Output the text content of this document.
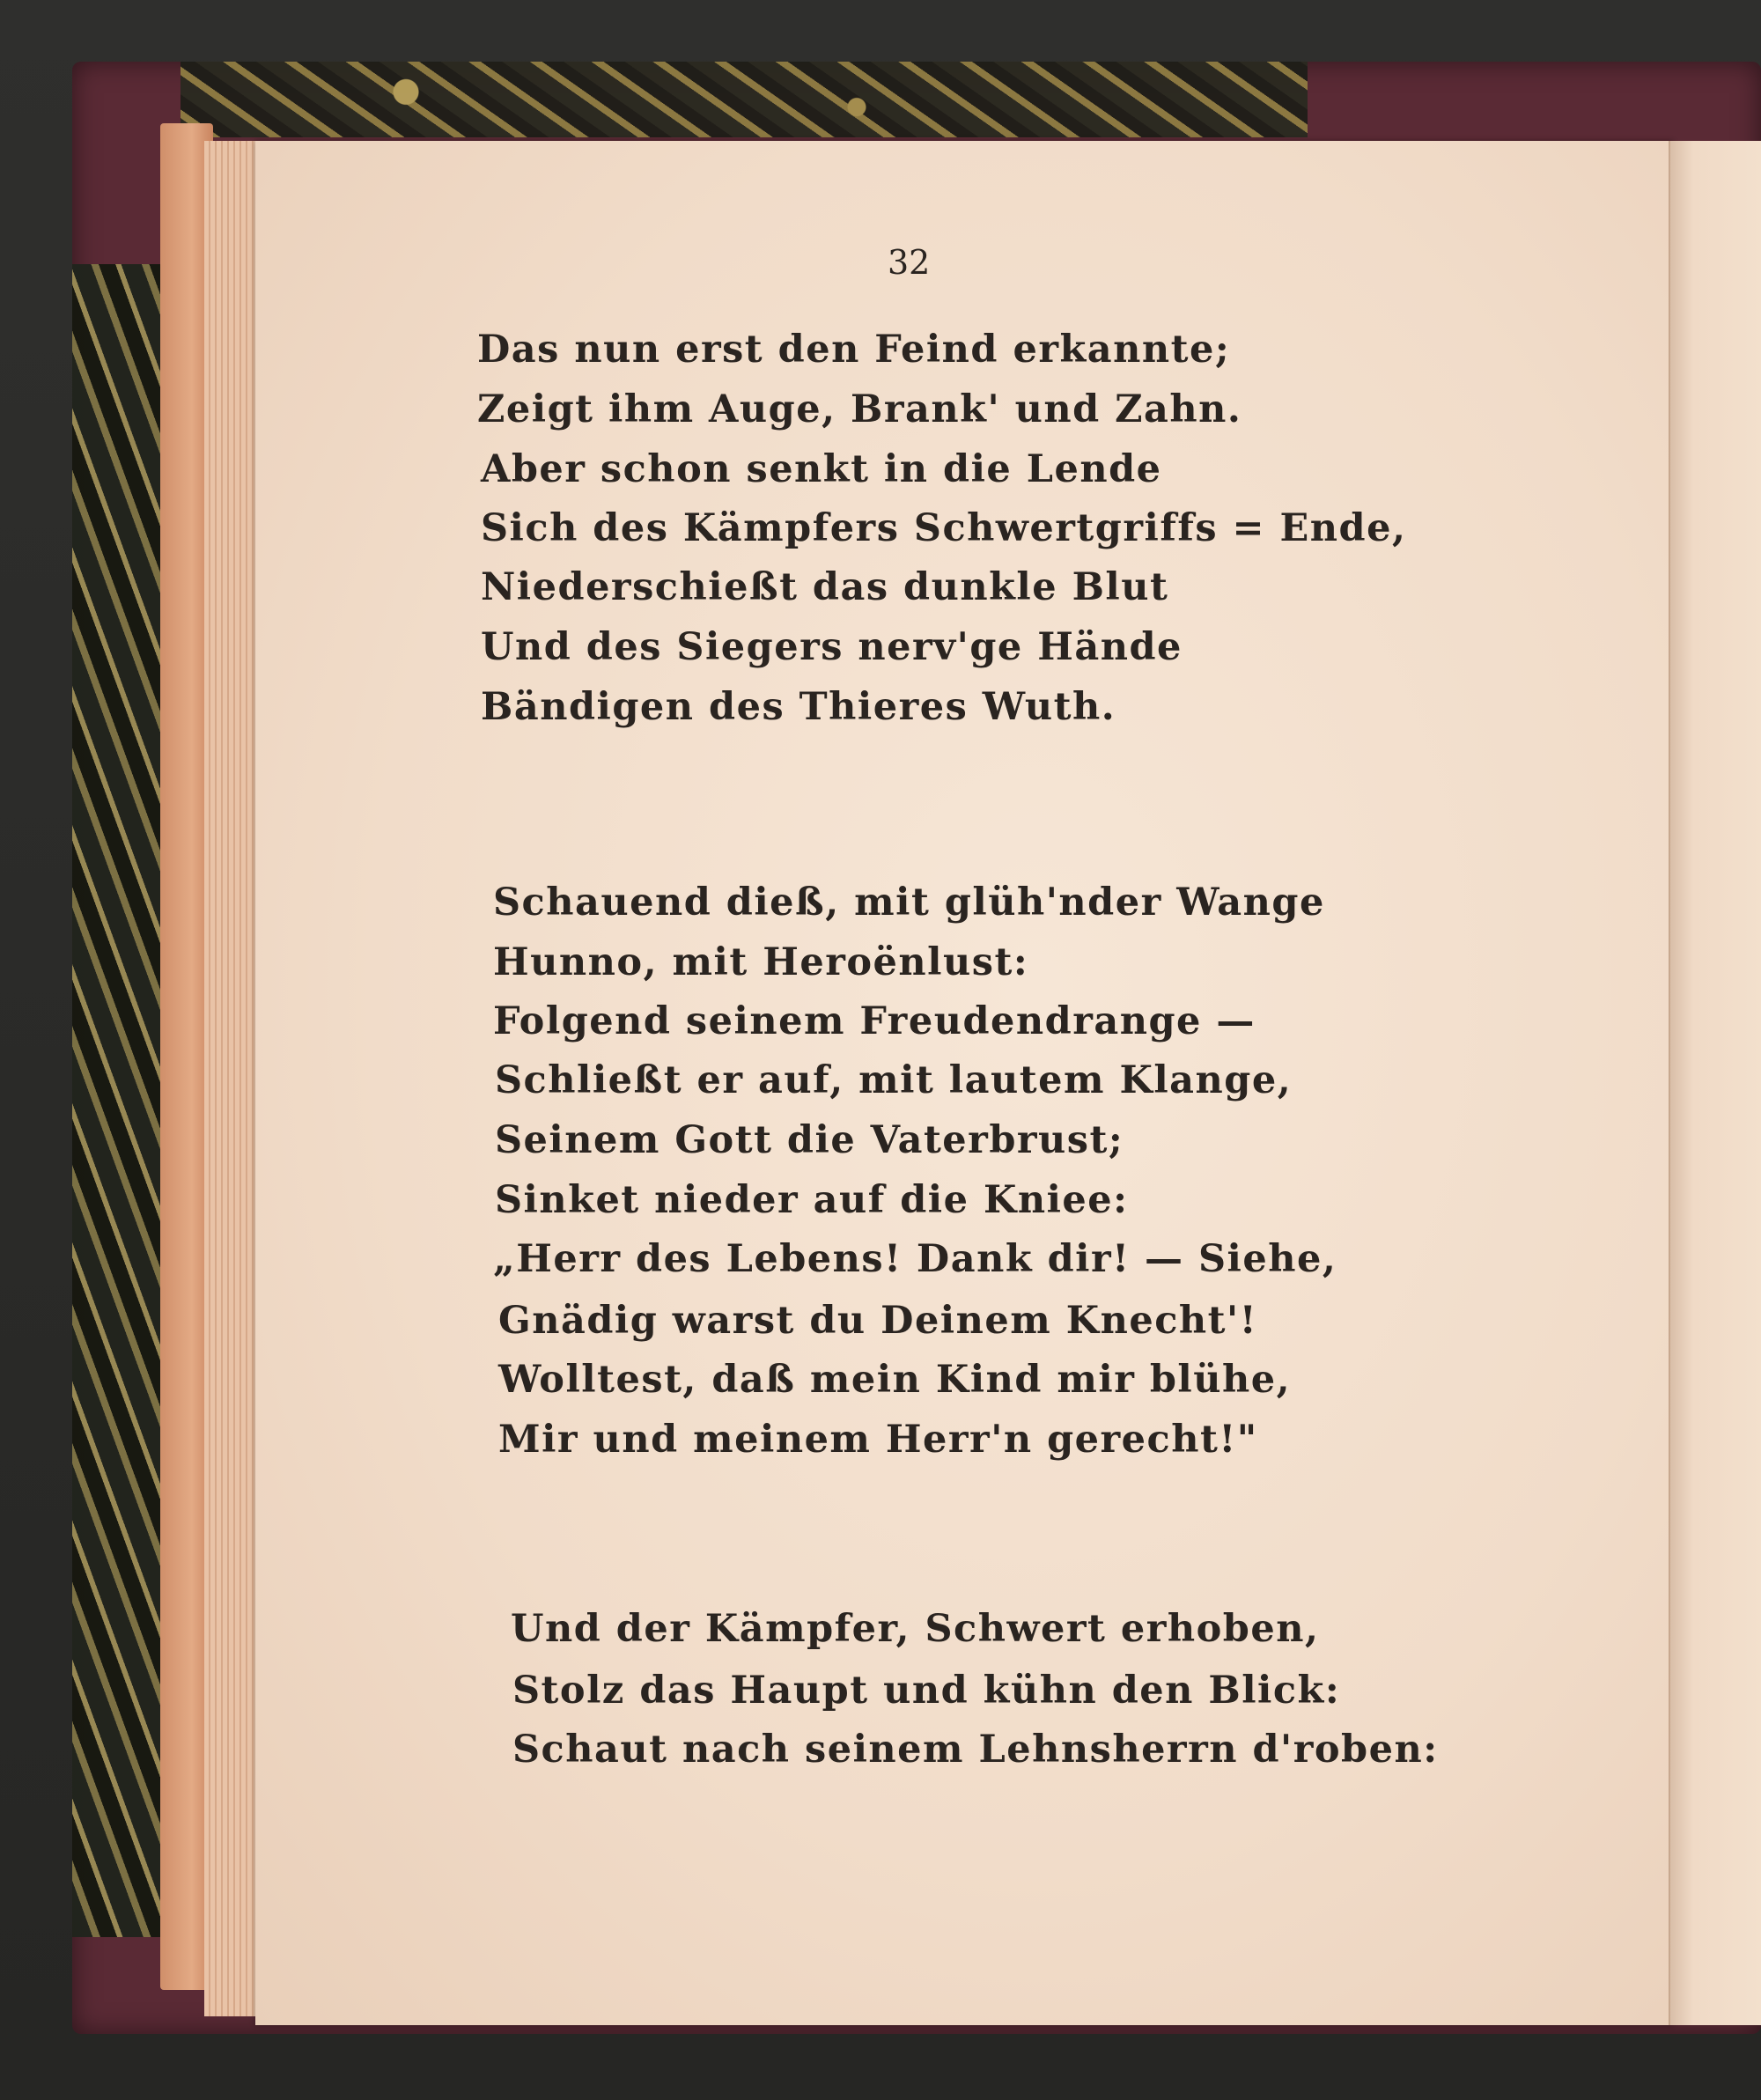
32
Das nun erst den Feind erkannte;
Zeigt ihm Auge, Brank' und Zahn.
Aber schon senkt in die Lende
Sich des Kämpfers Schwertgriffs = Ende,
Niederschießt das dunkle Blut
Und des Siegers nerv'ge Hände
Bändigen des Thieres Wuth.
Schauend dieß, mit glüh'nder Wange
Hunno, mit Heroënlust:
Folgend seinem Freudendrange —
Schließt er auf, mit lautem Klange,
Seinem Gott die Vaterbrust;
Sinket nieder auf die Kniee:
„Herr des Lebens! Dank dir! — Siehe,
Gnädig warst du Deinem Knecht'!
Wolltest, daß mein Kind mir blühe,
Mir und meinem Herr'n gerecht!"
Und der Kämpfer, Schwert erhoben,
Stolz das Haupt und kühn den Blick:
Schaut nach seinem Lehnsherrn d'roben:
